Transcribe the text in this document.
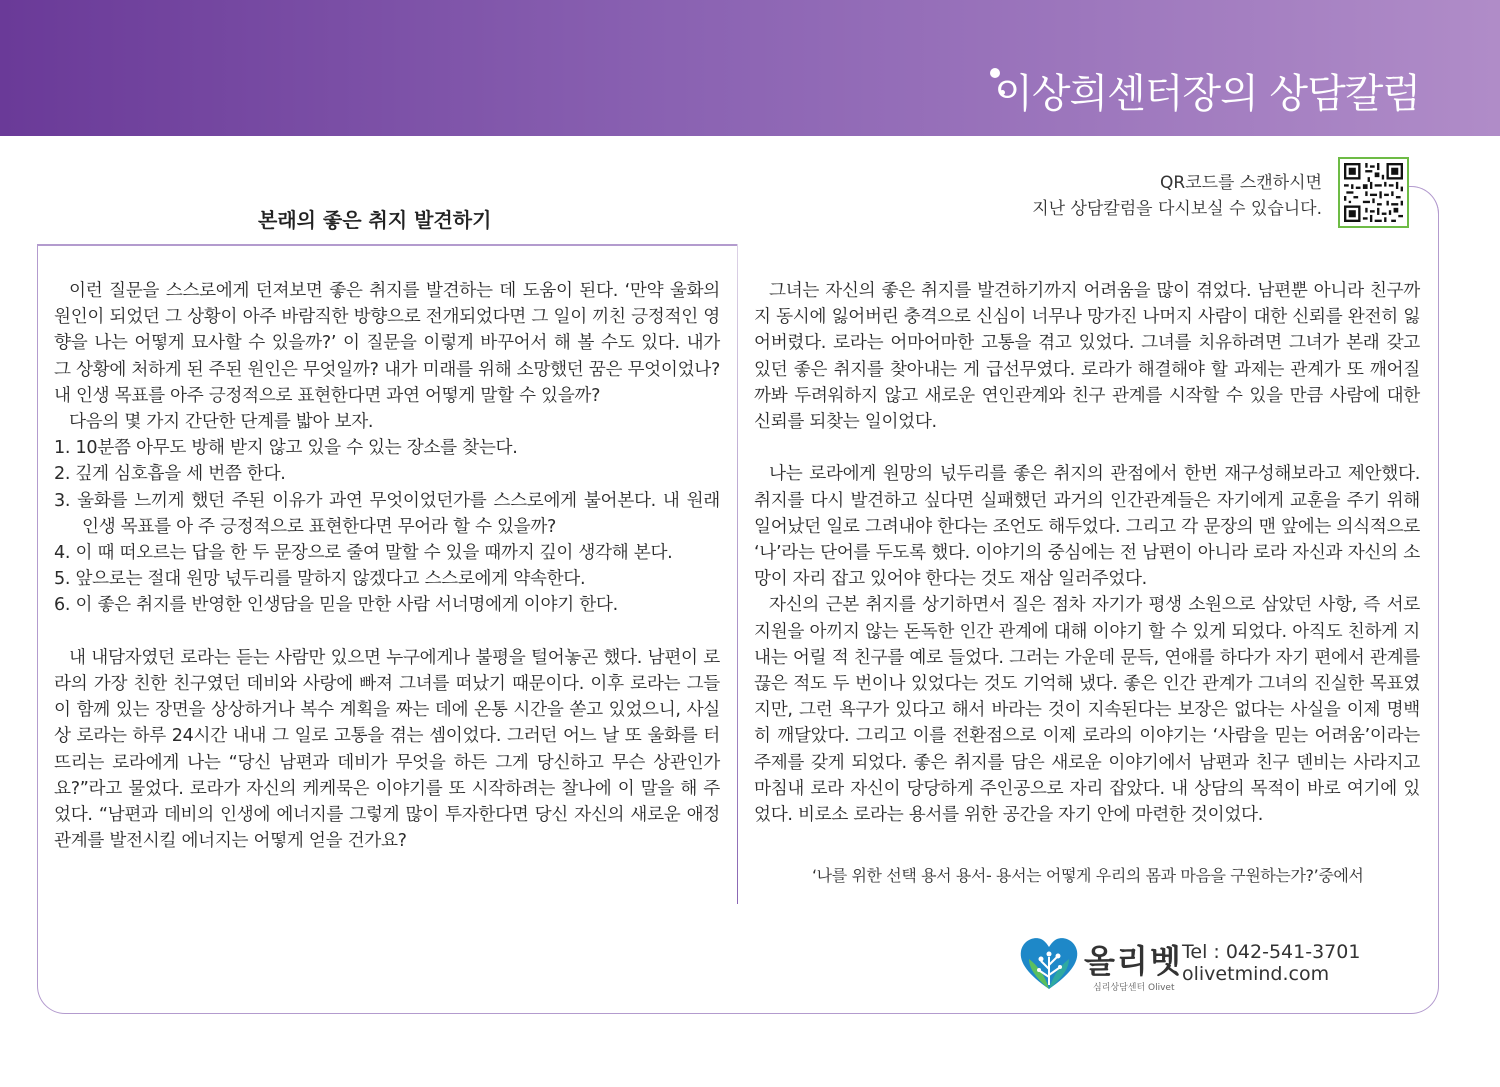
이상희센터장의 상담칼럼
본래의 좋은 취지 발견하기
QR코드를 스캔하시면
지난 상담칼럼을 다시보실 수 있습니다.

이런 질문을 스스로에게 던져보면 좋은 취지를 발견하는 데 도움이 된다. ‘만약 울화의 원인이 되었던 그 상황이 아주 바람직한 방향으로 전개되었다면 그 일이 끼친 긍정적인 영향을 나는 어떻게 묘사할 수 있을까?’ 이 질문을 이렇게 바꾸어서 해 볼 수도 있다. 내가 그 상황에 처하게 된 주된 원인은 무엇일까? 내가 미래를 위해 소망했던 꿈은 무엇이었나? 내 인생 목표를 아주 긍정적으로 표현한다면 과연 어떻게 말할 수 있을까?

다음의 몇 가지 간단한 단계를 밟아 보자.

1. 10분쯤 아무도 방해 받지 않고 있을 수 있는 장소를 찾는다.

2. 깊게 심호흡을 세 번쯤 한다.

3. 울화를 느끼게 했던 주된 이유가 과연 무엇이었던가를 스스로에게 불어본다. 내 원래 인생 목표를 아 주 긍정적으로 표현한다면 무어라 할 수 있을까?

4. 이 때 떠오르는 답을 한 두 문장으로 줄여 말할 수 있을 때까지 깊이 생각해 본다.

5. 앞으로는 절대 원망 넋두리를 말하지 않겠다고 스스로에게 약속한다.

6. 이 좋은 취지를 반영한 인생담을 믿을 만한 사람 서너명에게 이야기 한다.

내 내담자였던 로라는 듣는 사람만 있으면 누구에게나 불평을 털어놓곤 했다. 남편이 로라의 가장 친한 친구였던 데비와 사랑에 빠져 그녀를 떠났기 때문이다. 이후 로라는 그들이 함께 있는 장면을 상상하거나 복수 계획을 짜는 데에 온통 시간을 쏟고 있었으니, 사실상 로라는 하루 24시간 내내 그 일로 고통을 겪는 셈이었다. 그러던 어느 날 또 울화를 터뜨리는 로라에게 나는 “당신 남편과 데비가 무엇을 하든 그게 당신하고 무슨 상관인가요?”라고 물었다. 로라가 자신의 케케묵은 이야기를 또 시작하려는 찰나에 이 말을 해 주었다. “남편과 데비의 인생에 에너지를 그렇게 많이 투자한다면 당신 자신의 새로운 애정 관계를 발전시킬 에너지는 어떻게 얻을 건가요?

그녀는 자신의 좋은 취지를 발견하기까지 어려움을 많이 겪었다. 남편뿐 아니라 친구까지 동시에 잃어버린 충격으로 신심이 너무나 망가진 나머지 사람이 대한 신뢰를 완전히 잃어버렸다. 로라는 어마어마한 고통을 겪고 있었다. 그녀를 치유하려면 그녀가 본래 갖고 있던 좋은 취지를 찾아내는 게 급선무였다. 로라가 해결해야 할 과제는 관계가 또 깨어질까봐 두려워하지 않고 새로운 연인관계와 친구 관계를 시작할 수 있을 만큼 사람에 대한 신뢰를 되찾는 일이었다.

나는 로라에게 원망의 넋두리를 좋은 취지의 관점에서 한번 재구성해보라고 제안했다. 취지를 다시 발견하고 싶다면 실패했던 과거의 인간관계들은 자기에게 교훈을 주기 위해 일어났던 일로 그려내야 한다는 조언도 해두었다. 그리고 각 문장의 맨 앞에는 의식적으로 ‘나’라는 단어를 두도록 했다. 이야기의 중심에는 전 남편이 아니라 로라 자신과 자신의 소망이 자리 잡고 있어야 한다는 것도 재삼 일러주었다.

자신의 근본 취지를 상기하면서 질은 점차 자기가 평생 소원으로 삼았던 사항, 즉 서로 지원을 아끼지 않는 돈독한 인간 관계에 대해 이야기 할 수 있게 되었다. 아직도 친하게 지내는 어릴 적 친구를 예로 들었다. 그러는 가운데 문득, 연애를 하다가 자기 편에서 관계를 끊은 적도 두 번이나 있었다는 것도 기억해 냈다. 좋은 인간 관계가 그녀의 진실한 목표였지만, 그런 욕구가 있다고 해서 바라는 것이 지속된다는 보장은 없다는 사실을 이제 명백히 깨달았다. 그리고 이를 전환점으로 이제 로라의 이야기는 ‘사람을 믿는 어려움’이라는 주제를 갖게 되었다. 좋은 취지를 담은 새로운 이야기에서 남편과 친구 덴비는 사라지고 마침내 로라 자신이 당당하게 주인공으로 자리 잡았다. 내 상담의 목적이 바로 여기에 있었다. 비로소 로라는 용서를 위한 공간을 자기 안에 마련한 것이었다.

‘나를 위한 선택 용서 용서- 용서는 어떻게 우리의 몸과 마음을 구원하는가?’중에서
올리벳
심리상담센터 Olivet
Tel : 042-541-3701
olivetmind.com
